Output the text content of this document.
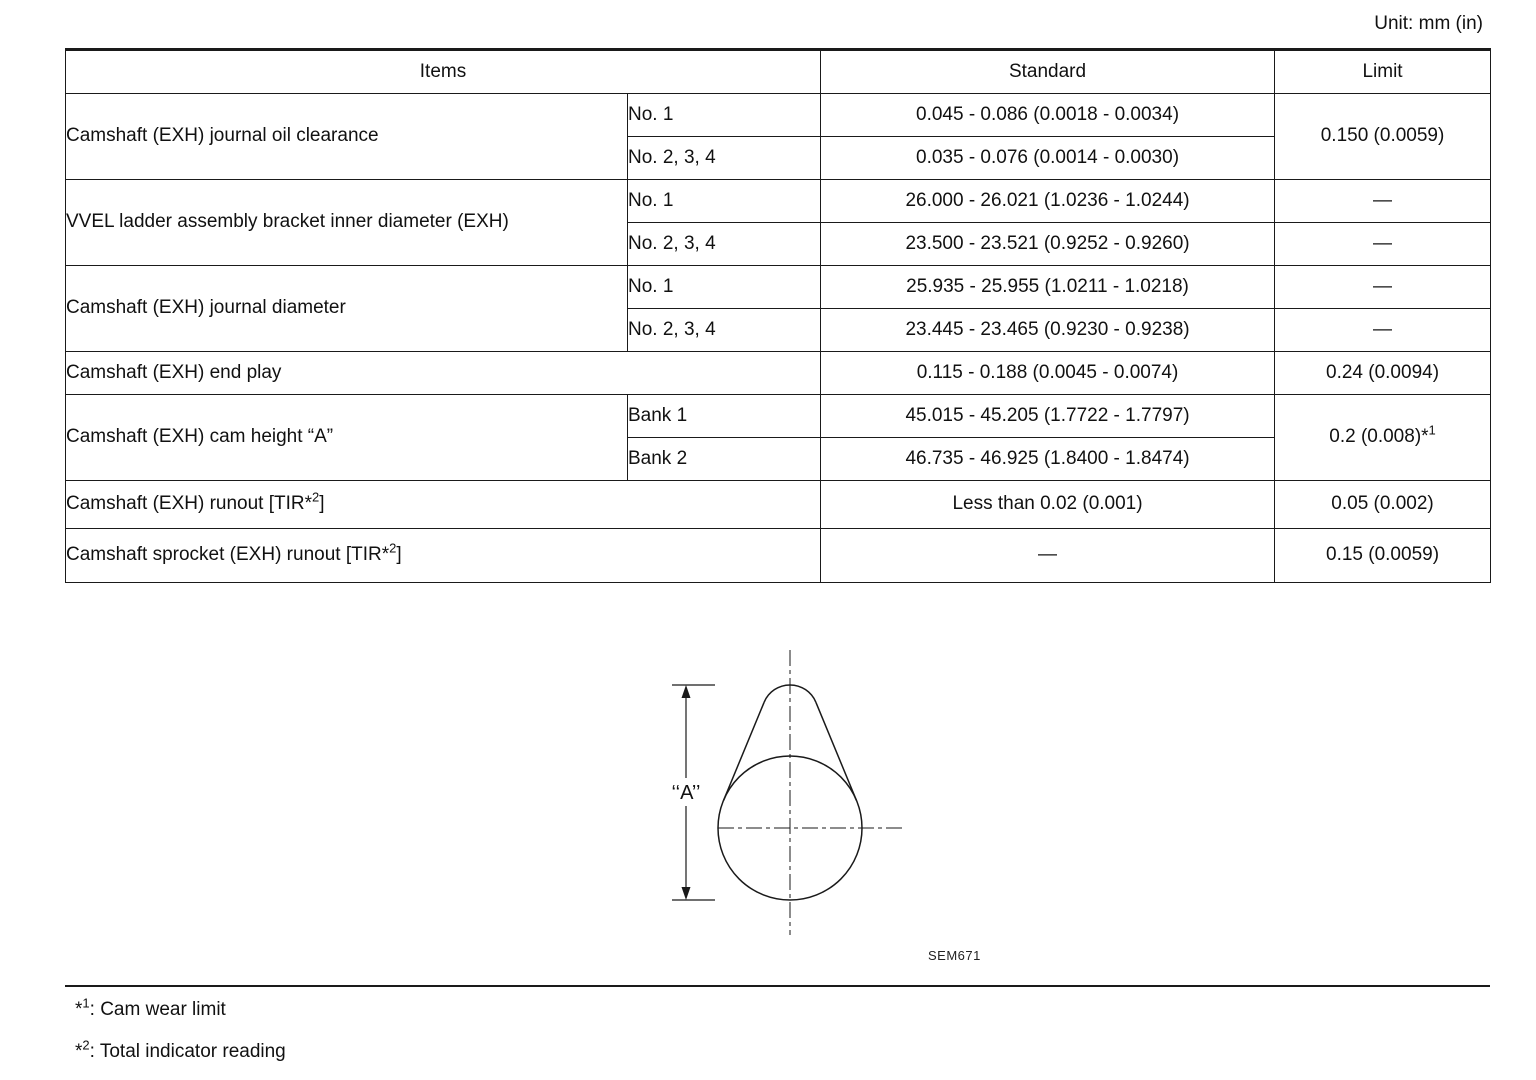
Unit: mm (in)
Items		Standard	Limit
Camshaft (EXH) journal oil clearance	No. 1	0.045 - 0.086 (0.0018 - 0.0034)	0.150 (0.0059)
	No. 2, 3, 4	0.035 - 0.076 (0.0014 - 0.0030)	
VVEL ladder assembly bracket inner diameter (EXH)	No. 1	26.000 - 26.021 (1.0236 - 1.0244)	—
	No. 2, 3, 4	23.500 - 23.521 (0.9252 - 0.9260)	—
Camshaft (EXH) journal diameter	No. 1	25.935 - 25.955 (1.0211 - 1.0218)	—
	No. 2, 3, 4	23.445 - 23.465 (0.9230 - 0.9238)	—
Camshaft (EXH) end play		0.115 - 0.188 (0.0045 - 0.0074)	0.24 (0.0094)
Camshaft (EXH) cam height “A”	Bank 1	45.015 - 45.205 (1.7722 - 1.7797)	0.2 (0.008)*$^1$
	Bank 2	46.735 - 46.925 (1.8400 - 1.8474)	
Camshaft (EXH) runout [TIR*$^2$]		Less than 0.02 (0.001)	0.05 (0.002)
Camshaft sprocket (EXH) runout [TIR*$^2$]		—	0.15 (0.0059)
‘‘A’’
SEM671
*$^1$: Cam wear limit
*$^2$: Total indicator reading
